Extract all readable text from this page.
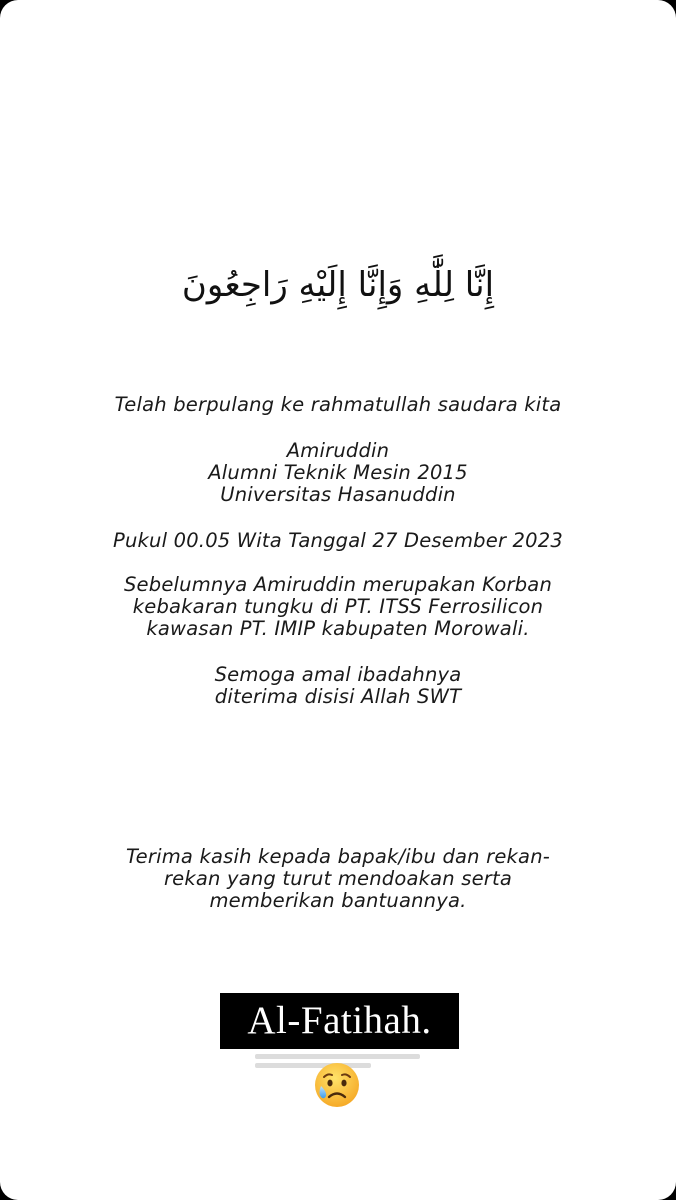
إِنَّا لِلَّٰهِ وَإِنَّا إِلَيْهِ رَاجِعُونَ
Telah berpulang ke rahmatullah saudara kita
Amiruddin
Alumni Teknik Mesin 2015
Universitas Hasanuddin
Pukul 00.05 Wita Tanggal 27 Desember 2023
Sebelumnya Amiruddin merupakan Korban
kebakaran tungku di PT. ITSS Ferrosilicon
kawasan PT. IMIP kabupaten Morowali.
Semoga amal ibadahnya
diterima disisi Allah SWT
Terima kasih kepada bapak/ibu dan rekan-
rekan yang turut mendoakan serta
memberikan bantuannya.
Al-Fatihah.
